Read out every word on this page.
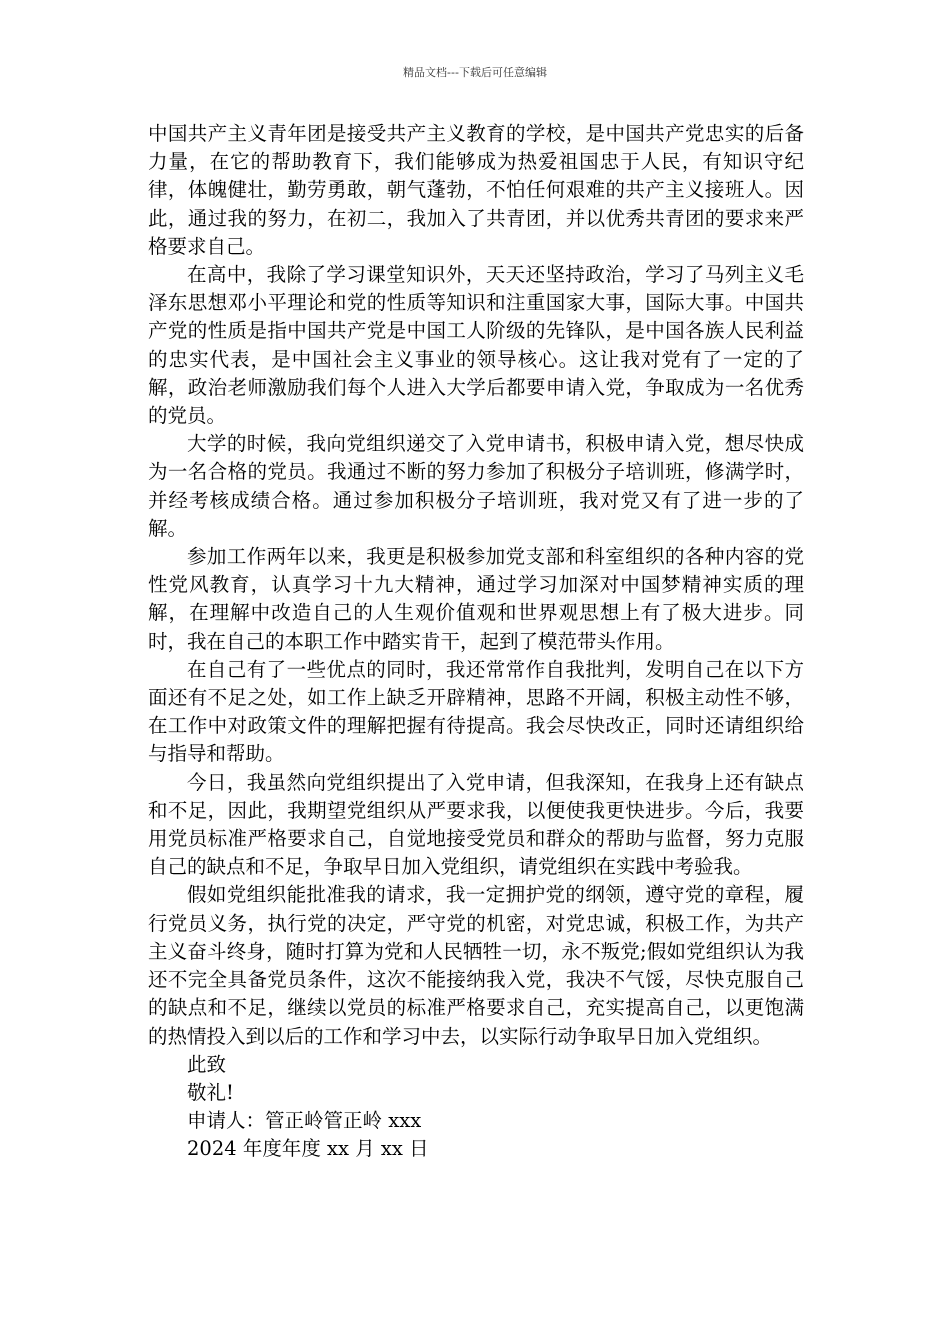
精品文档---下载后可任意编辑

中国共产主义青年团是接受共产主义教育的学校，是中国共产党忠实的后备力量，在它的帮助教育下，我们能够成为热爱祖国忠于人民，有知识守纪律，体魄健壮，勤劳勇敢，朝气蓬勃，不怕任何艰难的共产主义接班人。因此，通过我的努力，在初二，我加入了共青团，并以优秀共青团的要求来严格要求自己。

在高中，我除了学习课堂知识外，天天还坚持政治，学习了马列主义毛泽东思想邓小平理论和党的性质等知识和注重国家大事，国际大事。中国共产党的性质是指中国共产党是中国工人阶级的先锋队，是中国各族人民利益的忠实代表，是中国社会主义事业的领导核心。这让我对党有了一定的了解，政治老师激励我们每个人进入大学后都要申请入党，争取成为一名优秀的党员。

大学的时候，我向党组织递交了入党申请书，积极申请入党，想尽快成为一名合格的党员。我通过不断的努力参加了积极分子培训班，修满学时，并经考核成绩合格。通过参加积极分子培训班，我对党又有了进一步的了解。

参加工作两年以来，我更是积极参加党支部和科室组织的各种内容的党性党风教育，认真学习十九大精神，通过学习加深对中国梦精神实质的理解，在理解中改造自己的人生观价值观和世界观思想上有了极大进步。同时，我在自己的本职工作中踏实肯干，起到了模范带头作用。

在自己有了一些优点的同时，我还常常作自我批判，发明自己在以下方面还有不足之处，如工作上缺乏开辟精神，思路不开阔，积极主动性不够，在工作中对政策文件的理解把握有待提高。我会尽快改正，同时还请组织给与指导和帮助。

今日，我虽然向党组织提出了入党申请，但我深知，在我身上还有缺点和不足，因此，我期望党组织从严要求我，以便使我更快进步。今后，我要用党员标准严格要求自己，自觉地接受党员和群众的帮助与监督，努力克服自己的缺点和不足，争取早日加入党组织，请党组织在实践中考验我。

假如党组织能批准我的请求，我一定拥护党的纲领，遵守党的章程，履行党员义务，执行党的决定，严守党的机密，对党忠诚，积极工作，为共产主义奋斗终身，随时打算为党和人民牺牲一切，永不叛党;假如党组织认为我还不完全具备党员条件，这次不能接纳我入党，我决不气馁，尽快克服自己的缺点和不足，继续以党员的标准严格要求自己，充实提高自己，以更饱满的热情投入到以后的工作和学习中去，以实际行动争取早日加入党组织。

此致

敬礼!

申请人：管正岭管正岭 xxx

2024 年度年度 xx 月 xx 日
